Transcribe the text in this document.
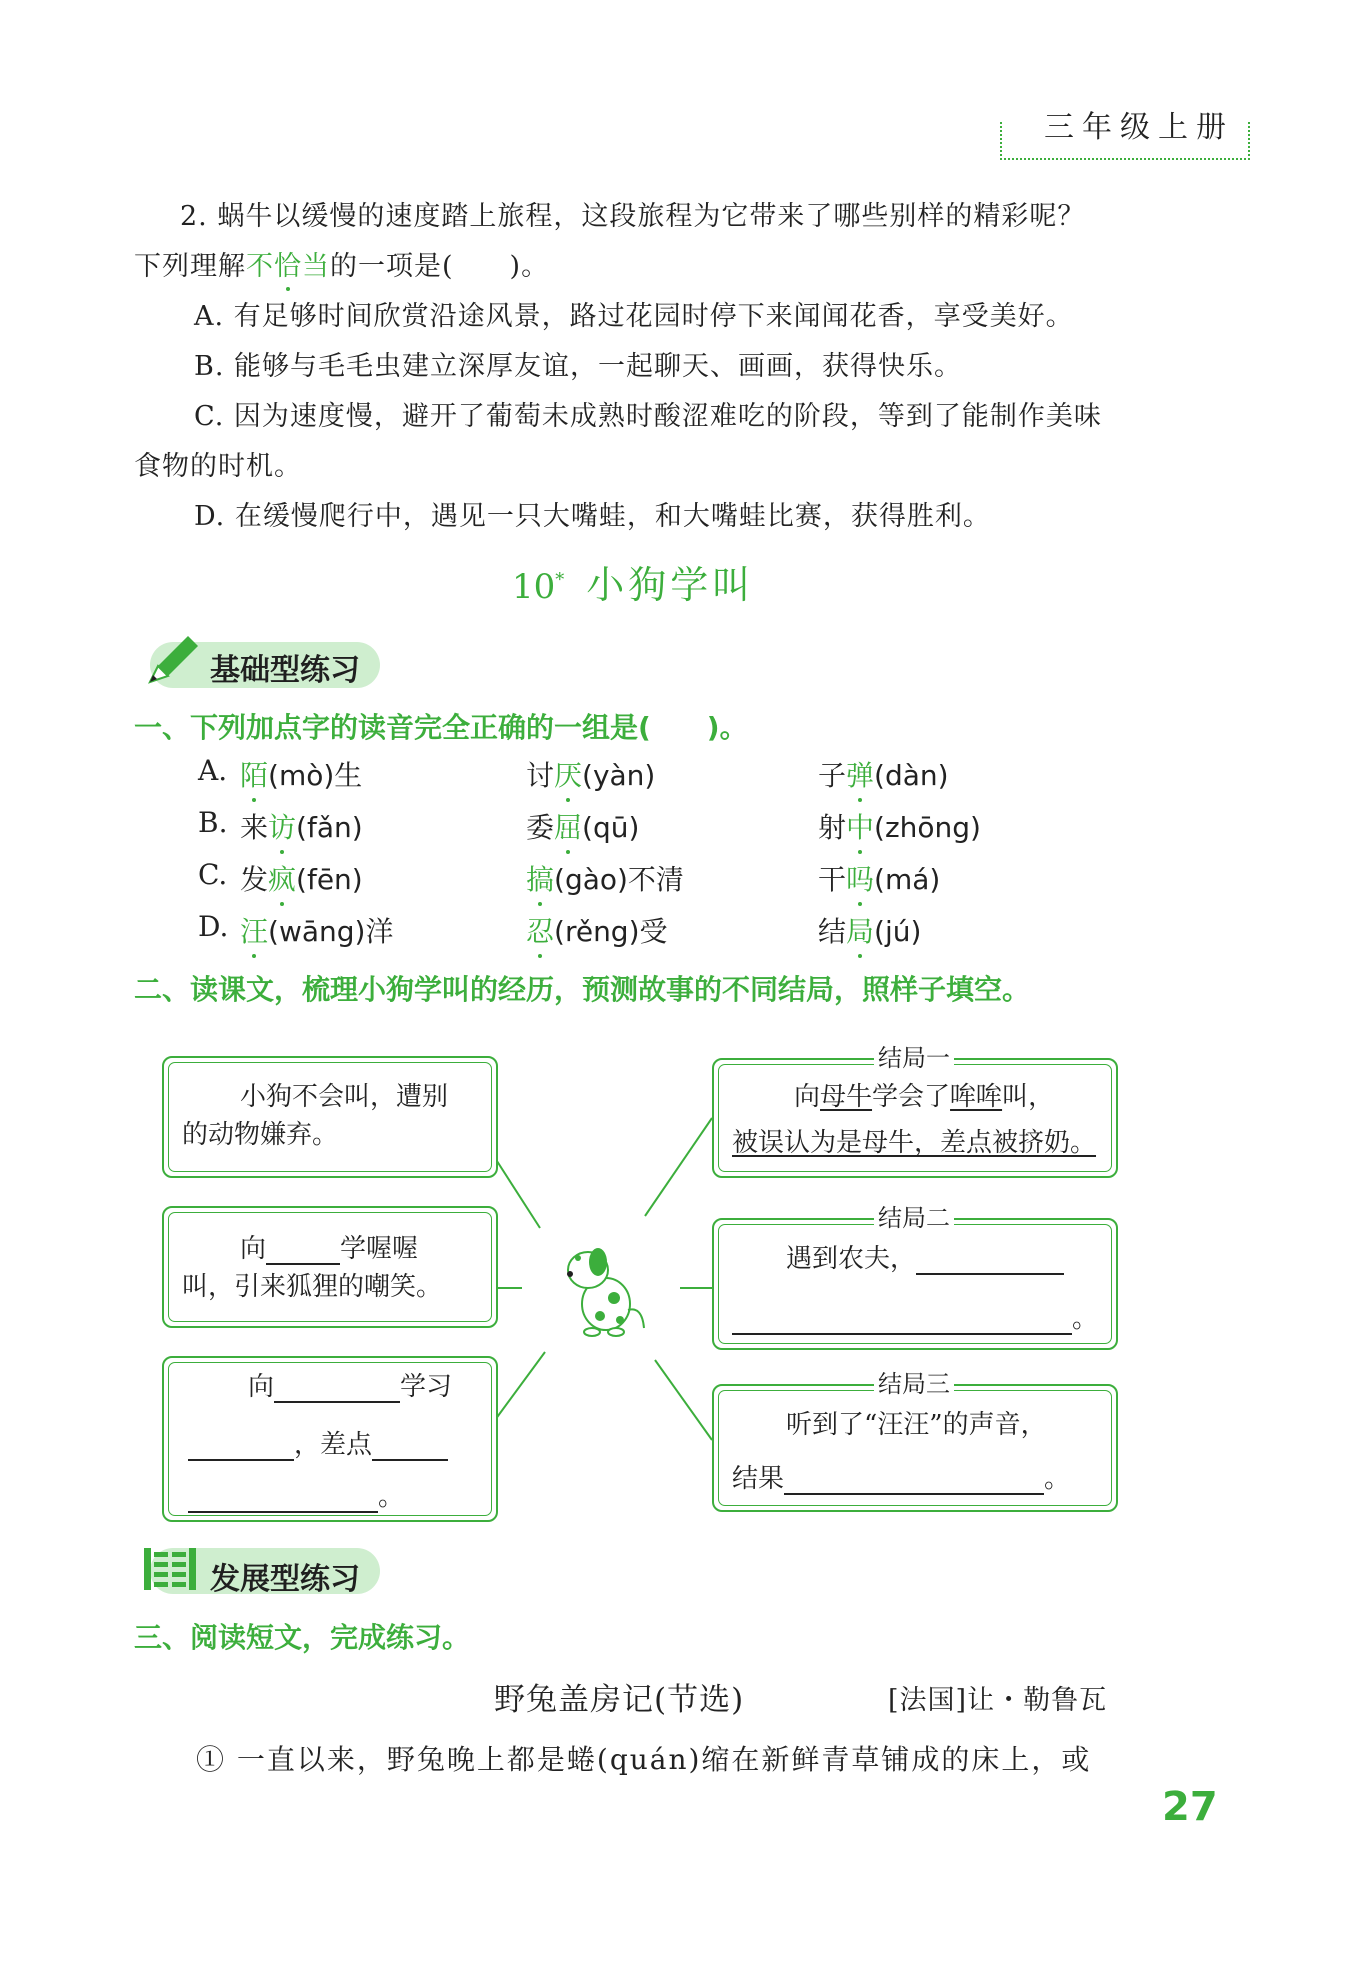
三年级上册
2. 蜗牛以缓慢的速度踏上旅程，这段旅程为它带来了哪些别样的精彩呢？
下列理解不恰当的一项是(　　)。
A. 有足够时间欣赏沿途风景，路过花园时停下来闻闻花香，享受美好。
B. 能够与毛毛虫建立深厚友谊，一起聊天、画画，获得快乐。
C. 因为速度慢，避开了葡萄未成熟时酸涩难吃的阶段，等到了能制作美味
食物的时机。
D. 在缓慢爬行中，遇见一只大嘴蛙，和大嘴蛙比赛，获得胜利。
10* 小狗学叫
基础型练习
一、下列加点字的读音完全正确的一组是(　　)。
A. 陌(mò)生	讨厌(yàn)	子弹(dàn)
B. 来访(fǎn)	委屈(qū)	射中(zhōng)
C. 发疯(fēn)	搞(gào)不清	干吗(má)
D. 汪(wāng)洋	忍(rěng)受	结局(jú)
二、读课文，梳理小狗学叫的经历，预测故事的不同结局，照样子填空。
小狗不会叫，遭别
的动物嫌弃。
向	学喔喔
叫，引来狐狸的嘲笑。
向	学习
，差点
。
结局一
向母牛学会了哞哞叫，
被误认为是母牛，差点被挤奶。
结局二
遇到农夫，
。
结局三
听到了“汪汪”的声音，
结果	。
发展型练习
三、阅读短文，完成练习。
野兔盖房记(节选)	[法国]让・勒鲁瓦
① 一直以来，野兔晚上都是蜷(quán)缩在新鲜青草铺成的床上，或
27
